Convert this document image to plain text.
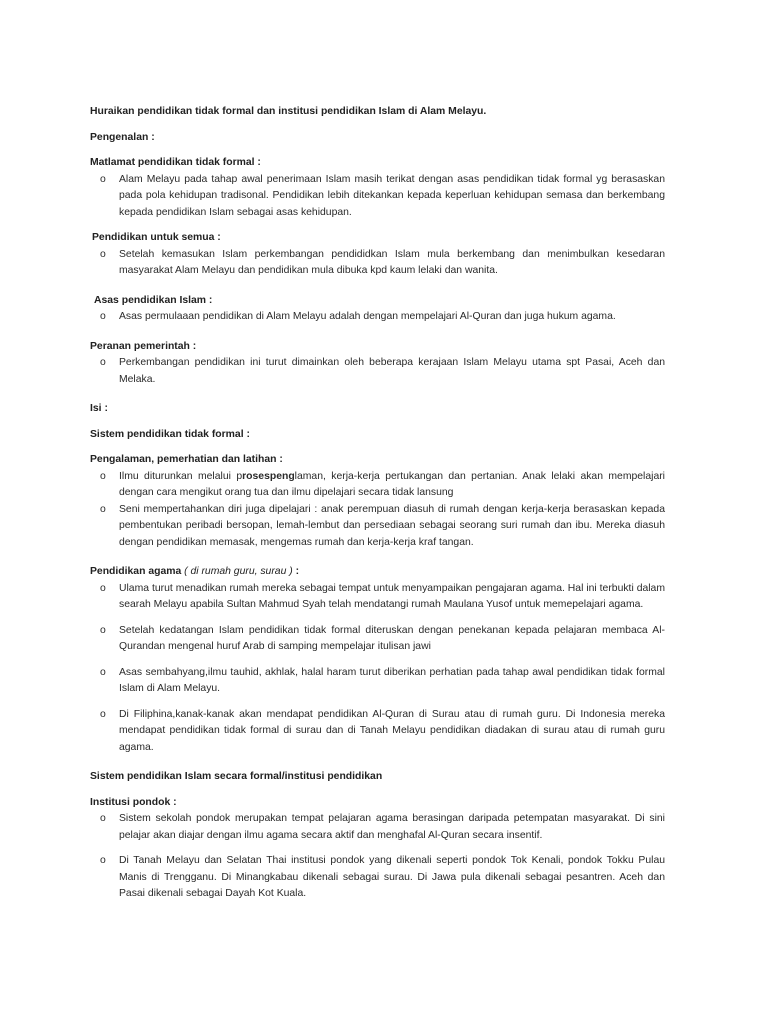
Huraikan pendidikan tidak formal dan institusi pendidikan Islam di Alam Melayu.

Pengenalan :

Matlamat pendidikan tidak formal :

o	Alam Melayu pada tahap awal penerimaan Islam masih terikat dengan asas pendidikan tidak formal yg berasaskan pada pola kehidupan tradisonal. Pendidikan lebih ditekankan kepada keperluan kehidupan semasa dan berkembang kepada pendidikan Islam sebagai asas kehidupan.

Pendidikan untuk semua :

o	Setelah kemasukan Islam perkembangan pendididkan Islam mula berkembang dan menimbulkan kesedaran masyarakat Alam Melayu dan pendidikan mula dibuka kpd kaum lelaki dan wanita.

Asas pendidikan Islam :

o	Asas permulaaan pendidikan di Alam Melayu adalah dengan mempelajari Al-Quran dan juga hukum agama.

Peranan pemerintah :

o	Perkembangan pendidikan ini turut dimainkan oleh beberapa kerajaan Islam Melayu utama spt Pasai, Aceh dan Melaka.

Isi :

Sistem pendidikan tidak formal :

Pengalaman, pemerhatian dan latihan :

o	Ilmu diturunkan melalui prosespenglaman, kerja-kerja pertukangan dan pertanian. Anak lelaki akan mempelajari dengan cara mengikut orang tua dan ilmu dipelajari secara tidak lansung
o	Seni mempertahankan diri juga dipelajari : anak perempuan diasuh di rumah dengan kerja-kerja berasaskan kepada pembentukan peribadi bersopan, lemah-lembut dan persediaan sebagai seorang suri rumah dan ibu. Mereka diasuh dengan pendidikan memasak, mengemas rumah dan kerja-kerja kraf tangan.

Pendidikan agama ( di rumah guru, surau ) :

o	Ulama turut menadikan rumah mereka sebagai tempat untuk menyampaikan pengajaran agama. Hal ini terbukti dalam searah Melayu apabila Sultan Mahmud Syah telah mendatangi rumah Maulana Yusof untuk memepelajari agama.
o	Setelah kedatangan Islam pendidikan tidak formal diteruskan dengan penekanan kepada pelajaran membaca Al-Qurandan mengenal huruf Arab di samping mempelajar itulisan jawi
o	Asas sembahyang,ilmu tauhid, akhlak, halal haram turut diberikan perhatian pada tahap awal pendidikan tidak formal Islam di Alam Melayu.
o	Di Filiphina,kanak-kanak akan mendapat pendidikan Al-Quran di Surau atau di rumah guru. Di Indonesia mereka mendapat pendidikan tidak formal di surau dan di Tanah Melayu pendidikan diadakan di surau atau di rumah guru agama.

Sistem pendidikan Islam secara formal/institusi pendidikan

Institusi pondok :

o	Sistem sekolah pondok merupakan tempat pelajaran agama berasingan daripada petempatan masyarakat. Di sini pelajar akan diajar dengan ilmu agama secara aktif dan menghafal Al-Quran secara insentif.
o	Di Tanah Melayu dan Selatan Thai institusi pondok yang dikenali seperti pondok Tok Kenali, pondok Tokku Pulau Manis di Trengganu. Di Minangkabau dikenali sebagai surau. Di Jawa pula dikenali sebagai pesantren. Aceh dan Pasai dikenali sebagai Dayah Kot Kuala.
